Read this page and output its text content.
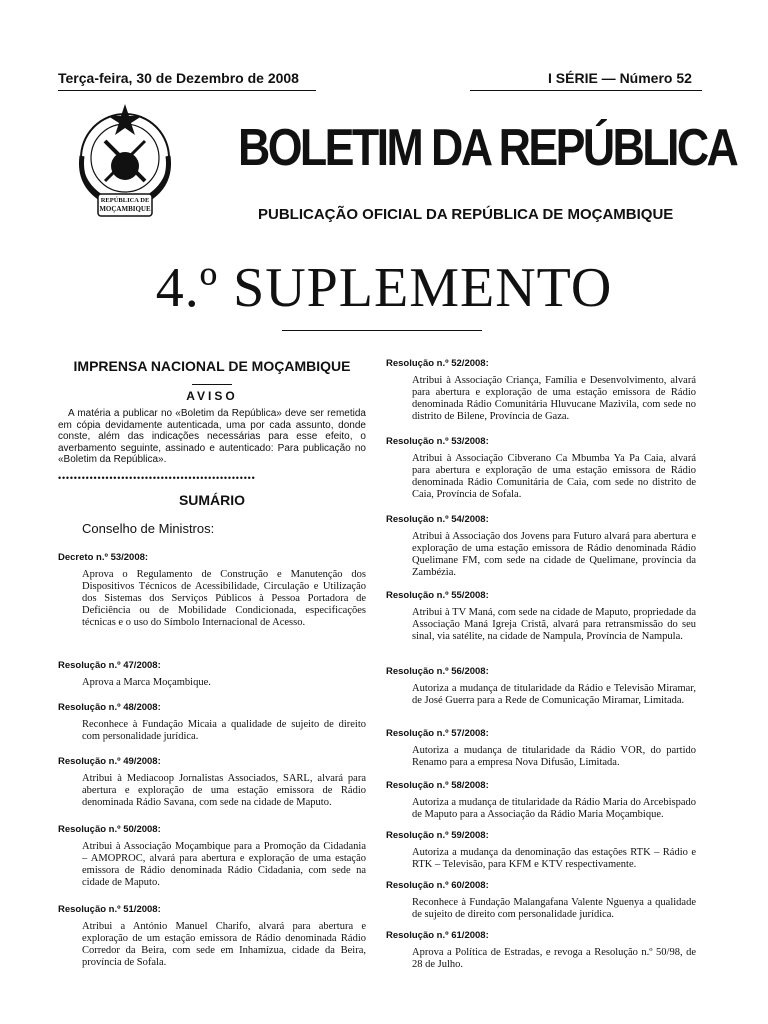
Terça-feira, 30 de Dezembro de 2008	I SÉRIE — Número 52
REPÚBLICA DE
MOÇAMBIQUE
BOLETIM DA REPÚBLICA
PUBLICAÇÃO OFICIAL DA REPÚBLICA DE MOÇAMBIQUE
4.º SUPLEMENTO
IMPRENSA NACIONAL DE MOÇAMBIQUE
AVISO
A matéria a publicar no «Boletim da República» deve ser remetida em cópia devidamente autenticada, uma por cada assunto, donde conste, além das indicações necessárias para esse efeito, o averbamento seguinte, assinado e autenticado: Para publicação no «Boletim da República».
••••••••••••••••••••••••••••••••••••••••••••••••••
SUMÁRIO
Conselho de Ministros:

Decreto n.º 53/2008:

Aprova o Regulamento de Construção e Manutenção dos Dispositivos Técnicos de Acessibilidade, Circulação e Utilização dos Sistemas dos Serviços Públicos à Pessoa Portadora de Deficiência ou de Mobilidade Condicionada, especificações técnicas e o uso do Símbolo Internacional de Acesso.

Resolução n.º 47/2008:

Aprova a Marca Moçambique.

Resolução n.º 48/2008:

Reconhece à Fundação Micaia a qualidade de sujeito de direito com personalidade jurídica.

Resolução n.º 49/2008:

Atribui à Mediacoop Jornalistas Associados, SARL, alvará para abertura e exploração de uma estação emissora de Rádio denominada Rádio Savana, com sede na cidade de Maputo.

Resolução n.º 50/2008:

Atribui à Associação Moçambique para a Promoção da Cidadania – AMOPROC, alvará para abertura e exploração de uma estação emissora de Rádio denominada Rádio Cidadania, com sede na cidade de Maputo.

Resolução n.º 51/2008:

Atribui a António Manuel Charifo, alvará para abertura e exploração de um estação emissora de Rádio denominada Rádio Corredor da Beira, com sede em Inhamízua, cidade da Beira, província de Sofala.

Resolução n.º 52/2008:

Atribui à Associação Criança, Família e Desenvolvimento, alvará para abertura e exploração de uma estação emissora de Rádio denominada Rádio Comunitária Hluvucane Mazivila, com sede no distrito de Bilene, Província de Gaza.

Resolução n.º 53/2008:

Atribui à Associação Cibverano Ca Mbumba Ya Pa Caia, alvará para abertura e exploração de uma estação emissora de Rádio denominada Rádio Comunitária de Caia, com sede no distrito de Caia, Província de Sofala.

Resolução n.º 54/2008:

Atribui à Associação dos Jovens para Futuro alvará para abertura e exploração de uma estação emissora de Rádio denominada Rádio Quelimane FM, com sede na cidade de Quelimane, província da Zambézia.

Resolução n.º 55/2008:

Atribui à TV Maná, com sede na cidade de Maputo, propriedade da Associação Maná Igreja Cristã, alvará para retransmissão do seu sinal, via satélite, na cidade de Nampula, Província de Nampula.

Resolução n.º 56/2008:

Autoriza a mudança de titularidade da Rádio e Televisão Miramar, de José Guerra para a Rede de Comunicação Miramar, Limitada.

Resolução n.º 57/2008:

Autoriza a mudança de titularidade da Rádio VOR, do partido Renamo para a empresa Nova Difusão, Limitada.

Resolução n.º 58/2008:

Autoriza a mudança de titularidade da Rádio Maria do Arcebispado de Maputo para a Associação da Rádio Maria Moçambique.

Resolução n.º 59/2008:

Autoriza a mudança da denominação das estações RTK – Rádio e RTK – Televisão, para KFM e KTV respectivamente.

Resolução n.º 60/2008:

Reconhece à Fundação Malangafana Valente Nguenya a qualidade de sujeito de direito com personalidade jurídica.

Resolução n.º 61/2008:

Aprova a Política de Estradas, e revoga a Resolução n.º 50/98, de 28 de Julho.
